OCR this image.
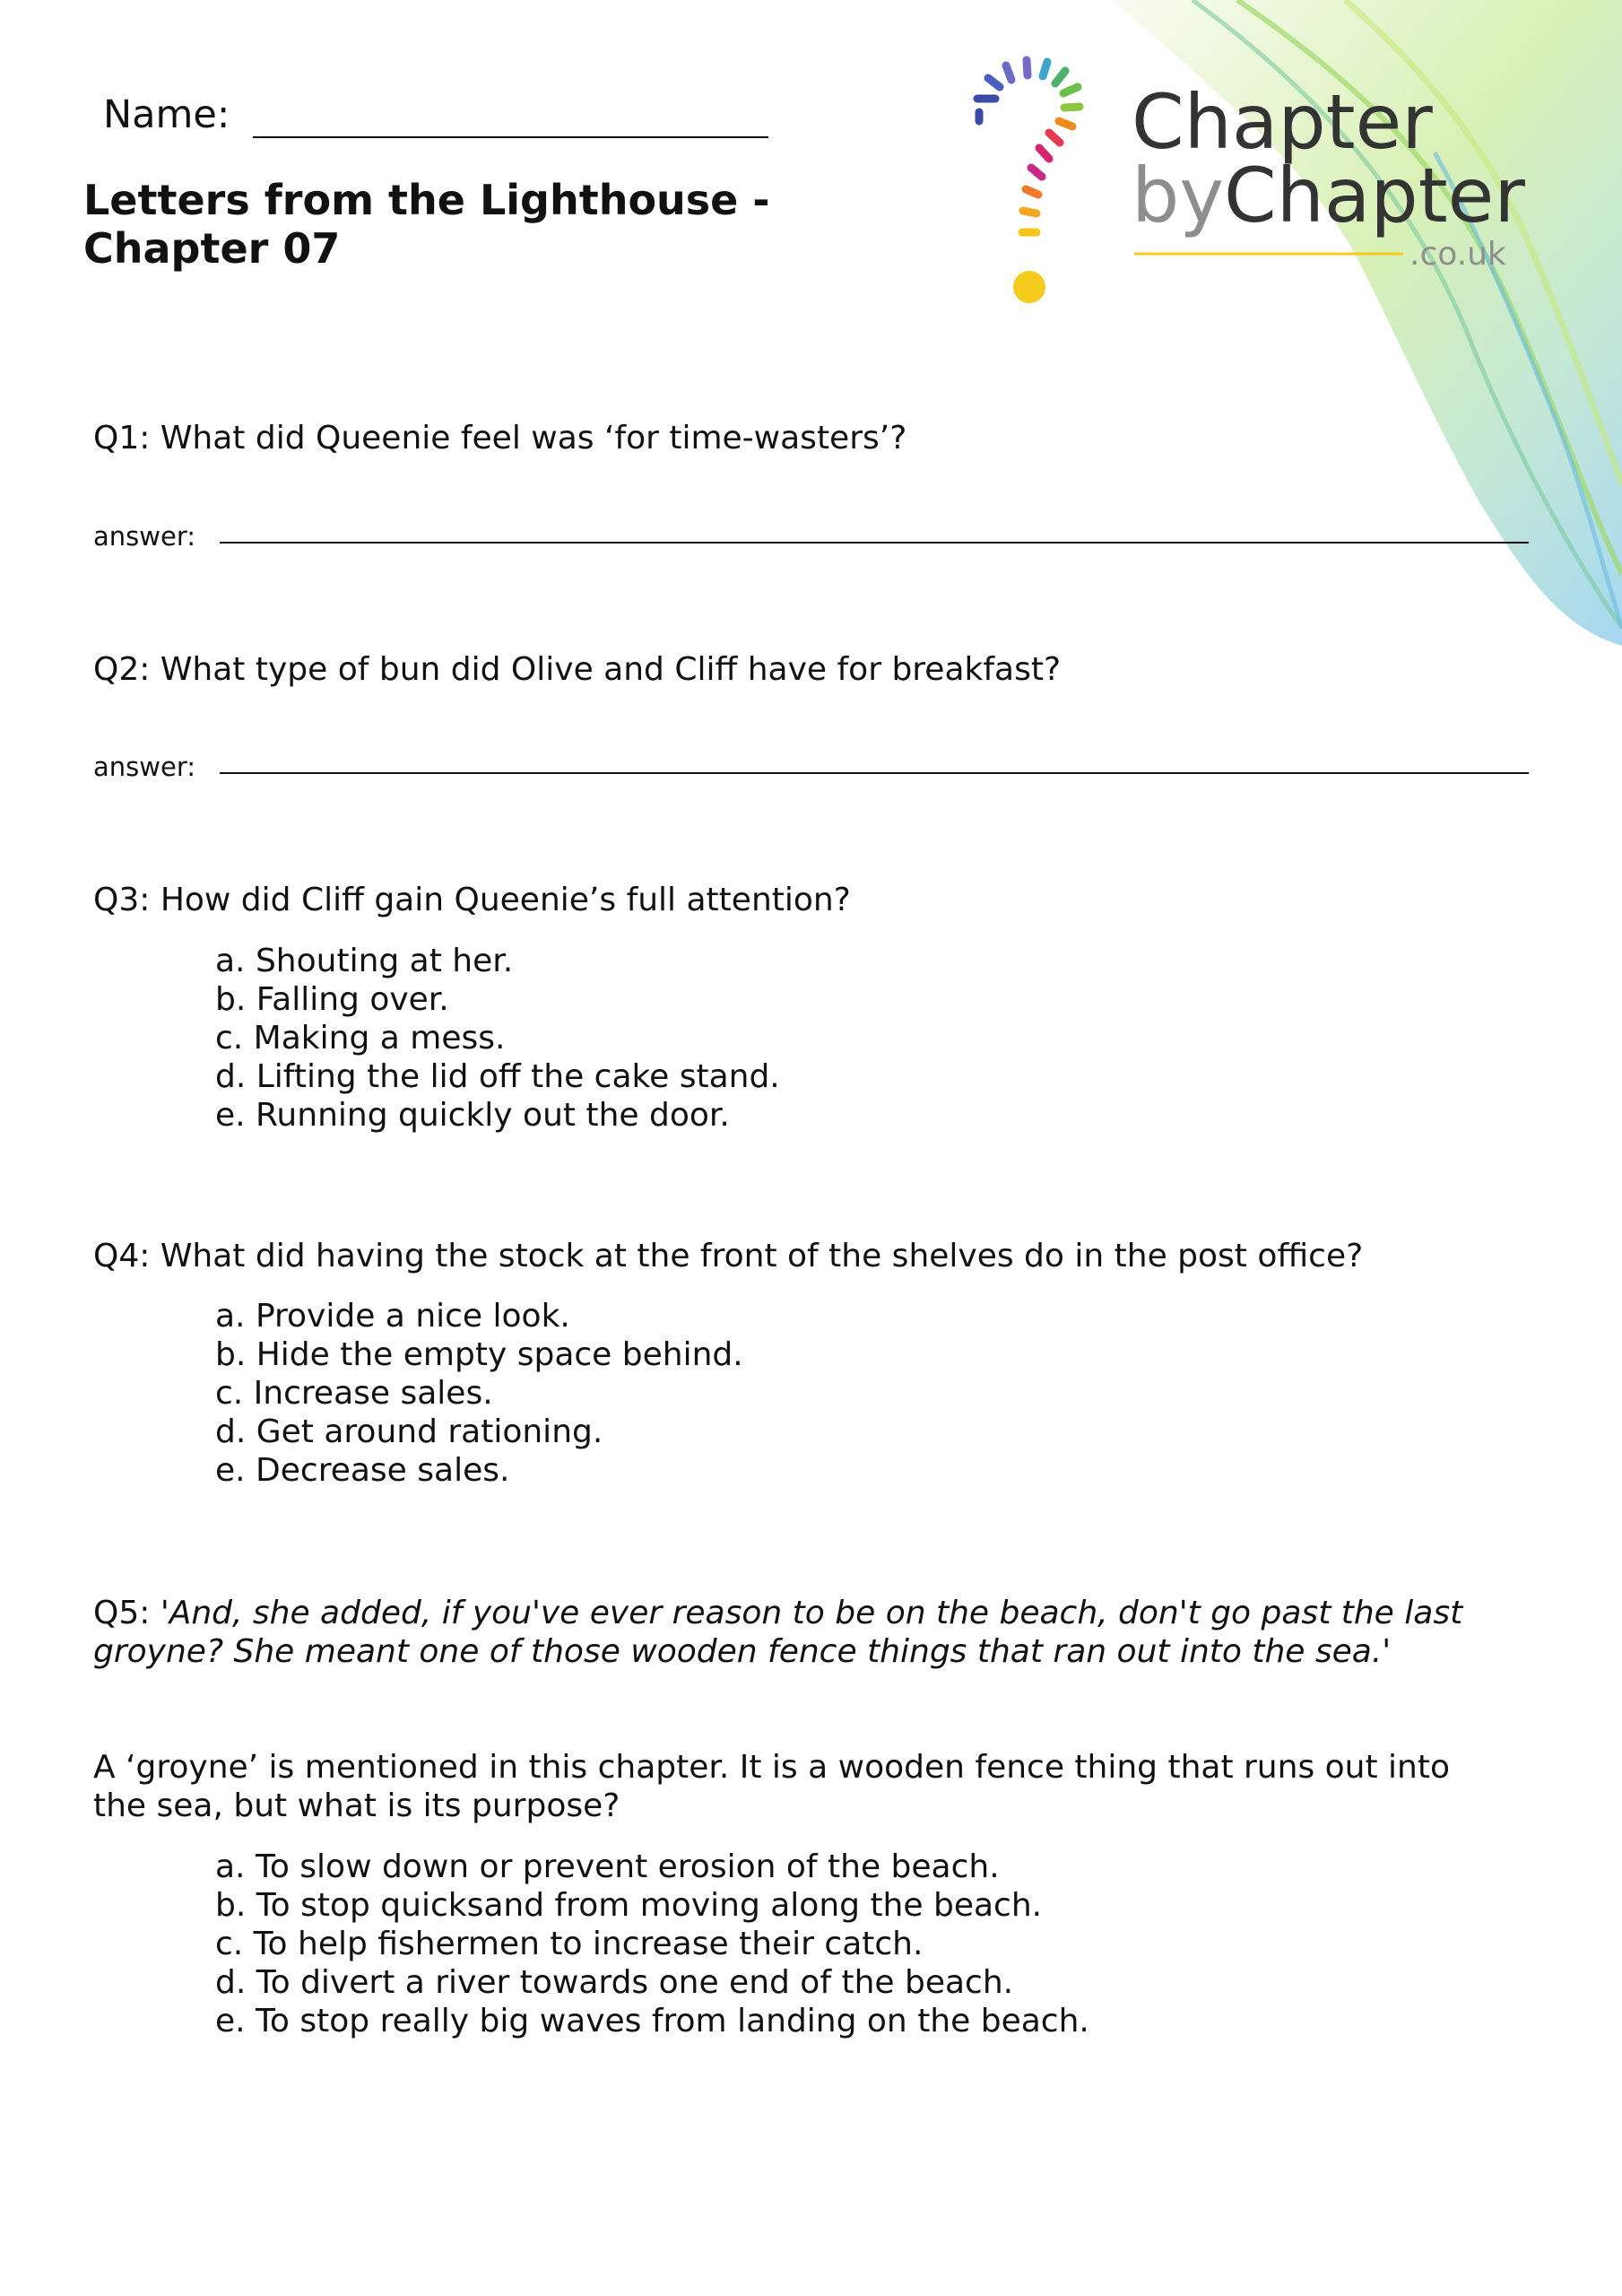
Chapter
byChapter
.co.uk
Name:
Letters from the Lighthouse -
Chapter 07
Q1: What did Queenie feel was ‘for time-wasters’?
answer:
Q2: What type of bun did Olive and Cliff have for breakfast?
answer:
Q3: How did Cliff gain Queenie’s full attention?
a. Shouting at her.
b. Falling over.
c. Making a mess.
d. Lifting the lid off the cake stand.
e. Running quickly out the door.
Q4: What did having the stock at the front of the shelves do in the post office?
a. Provide a nice look.
b. Hide the empty space behind.
c. Increase sales.
d. Get around rationing.
e. Decrease sales.
Q5: 'And, she added, if you've ever reason to be on the beach, don't go past the last
groyne? She meant one of those wooden fence things that ran out into the sea.'
A ‘groyne’ is mentioned in this chapter. It is a wooden fence thing that runs out into
the sea, but what is its purpose?
a. To slow down or prevent erosion of the beach.
b. To stop quicksand from moving along the beach.
c. To help fishermen to increase their catch.
d. To divert a river towards one end of the beach.
e. To stop really big waves from landing on the beach.
